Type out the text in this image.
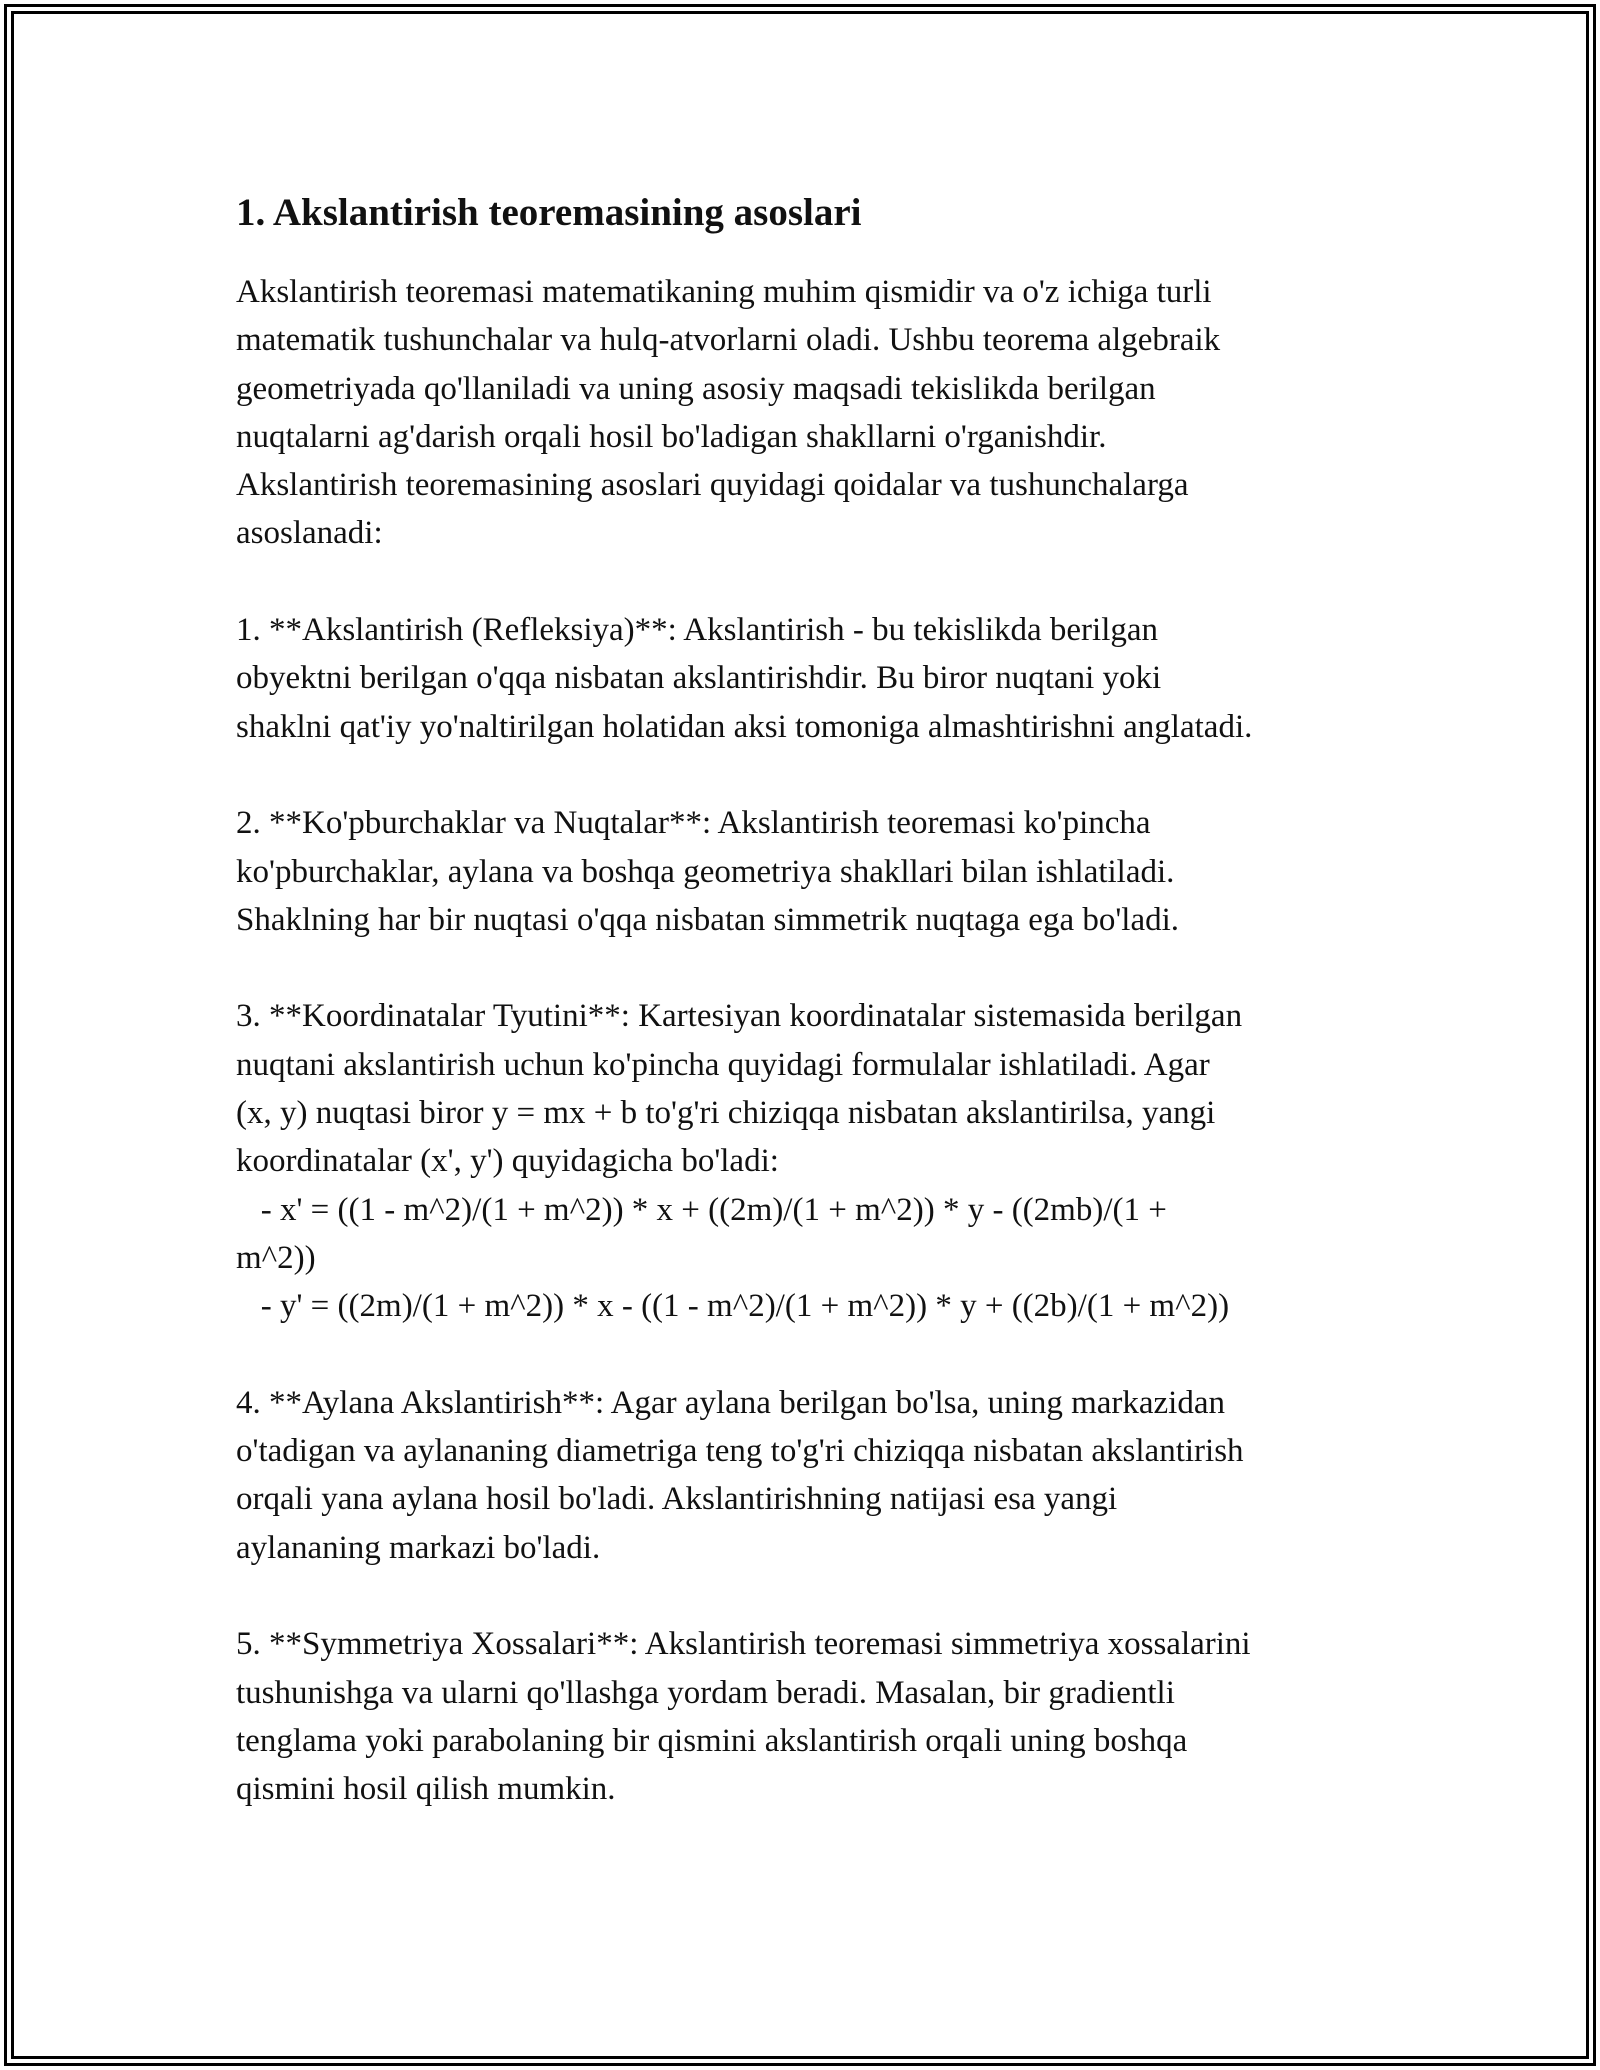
1. Akslantirish teoremasining asoslari

Akslantirish teoremasi matematikaning muhim qismidir va o'z ichiga turli
matematik tushunchalar va hulq-atvorlarni oladi. Ushbu teorema algebraik
geometriyada qo'llaniladi va uning asosiy maqsadi tekislikda berilgan
nuqtalarni ag'darish orqali hosil bo'ladigan shakllarni o'rganishdir.
Akslantirish teoremasining asoslari quyidagi qoidalar va tushunchalarga
asoslanadi:

1. **Akslantirish (Refleksiya)**: Akslantirish - bu tekislikda berilgan
obyektni berilgan o'qqa nisbatan akslantirishdir. Bu biror nuqtani yoki
shaklni qat'iy yo'naltirilgan holatidan aksi tomoniga almashtirishni anglatadi.

2. **Ko'pburchaklar va Nuqtalar**: Akslantirish teoremasi ko'pincha
ko'pburchaklar, aylana va boshqa geometriya shakllari bilan ishlatiladi.
Shaklning har bir nuqtasi o'qqa nisbatan simmetrik nuqtaga ega bo'ladi.

3. **Koordinatalar Tyutini**: Kartesiyan koordinatalar sistemasida berilgan
nuqtani akslantirish uchun ko'pincha quyidagi formulalar ishlatiladi. Agar
(x, y) nuqtasi biror y = mx + b to'g'ri chiziqqa nisbatan akslantirilsa, yangi
koordinatalar (x', y') quyidagicha bo'ladi:
- x' = ((1 - m^2)/(1 + m^2)) * x + ((2m)/(1 + m^2)) * y - ((2mb)/(1 +
m^2))
- y' = ((2m)/(1 + m^2)) * x - ((1 - m^2)/(1 + m^2)) * y + ((2b)/(1 + m^2))

4. **Aylana Akslantirish**: Agar aylana berilgan bo'lsa, uning markazidan
o'tadigan va aylananing diametriga teng to'g'ri chiziqqa nisbatan akslantirish
orqali yana aylana hosil bo'ladi. Akslantirishning natijasi esa yangi
aylananing markazi bo'ladi.

5. **Symmetriya Xossalari**: Akslantirish teoremasi simmetriya xossalarini
tushunishga va ularni qo'llashga yordam beradi. Masalan, bir gradientli
tenglama yoki parabolaning bir qismini akslantirish orqali uning boshqa
qismini hosil qilish mumkin.
